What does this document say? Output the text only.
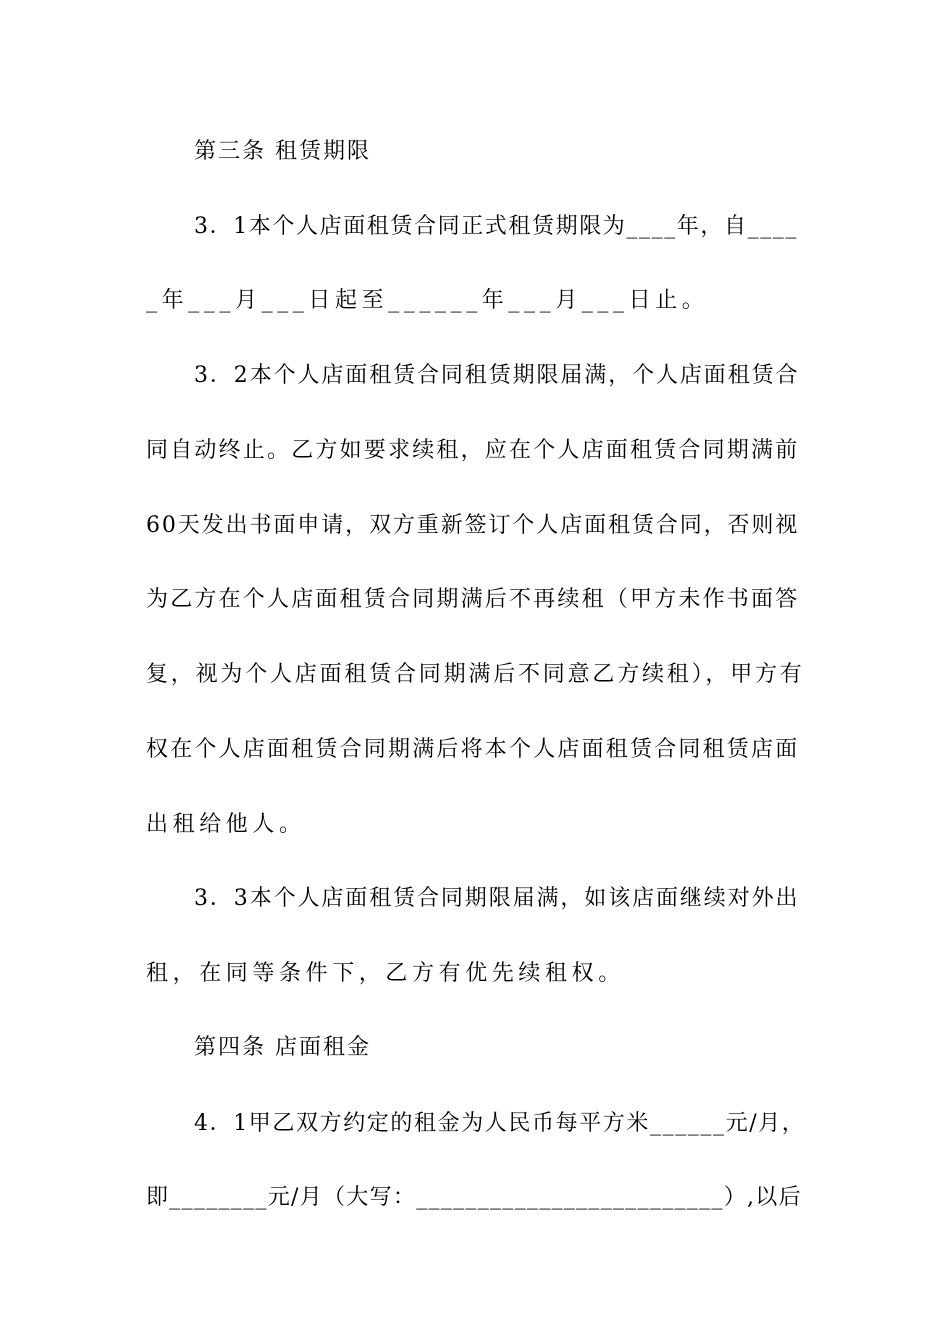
第三条 租赁期限
3．1本个人店面租赁合同正式租赁期限为____年，自____
_年___月___日起至______年___月___日止。
3．2本个人店面租赁合同租赁期限届满，个人店面租赁合
同自动终止。乙方如要求续租，应在个人店面租赁合同期满前
60天发出书面申请，双方重新签订个人店面租赁合同，否则视
为乙方在个人店面租赁合同期满后不再续租（甲方未作书面答
复，视为个人店面租赁合同期满后不同意乙方续租），甲方有
权在个人店面租赁合同期满后将本个人店面租赁合同租赁店面
出租给他人。
3．3本个人店面租赁合同期限届满，如该店面继续对外出
租，在同等条件下，乙方有优先续租权。
第四条 店面租金
4．1甲乙双方约定的租金为人民币每平方米______元/月，
即________元/月（大写：_________________________）,以后
